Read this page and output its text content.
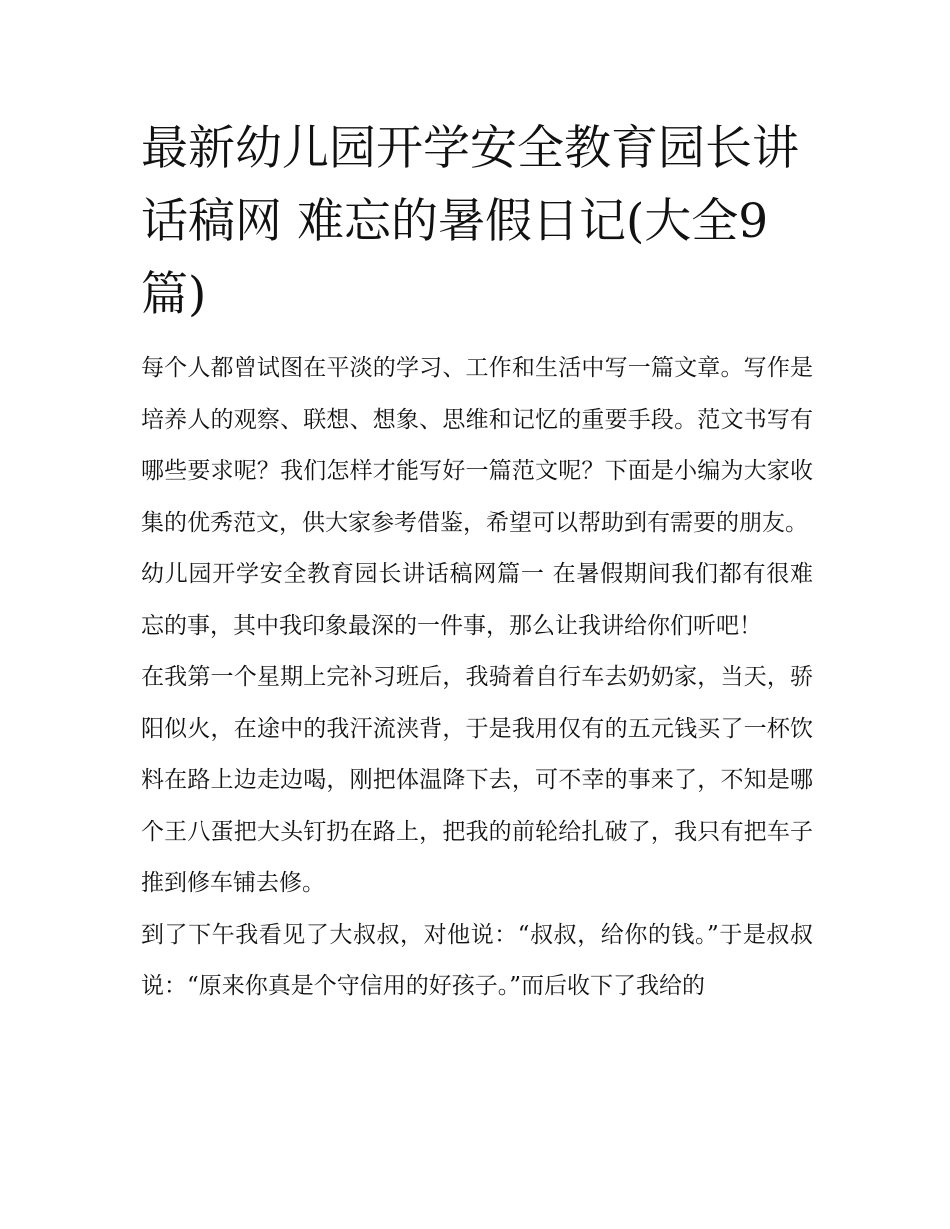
最新幼儿园开学安全教育园长讲话稿网 难忘的暑假日记(大全9篇)

每个人都曾试图在平淡的学习、工作和生活中写一篇文章。写作是培养人的观察、联想、想象、思维和记忆的重要手段。范文书写有哪些要求呢？我们怎样才能写好一篇范文呢？下面是小编为大家收集的优秀范文，供大家参考借鉴，希望可以帮助到有需要的朋友。

幼儿园开学安全教育园长讲话稿网篇一 在暑假期间我们都有很难忘的事，其中我印象最深的一件事，那么让我讲给你们听吧！

在我第一个星期上完补习班后，我骑着自行车去奶奶家，当天，骄阳似火，在途中的我汗流浃背，于是我用仅有的五元钱买了一杯饮料在路上边走边喝，刚把体温降下去，可不幸的事来了，不知是哪个王八蛋把大头钉扔在路上，把我的前轮给扎破了，我只有把车子推到修车铺去修。

到了下午我看见了大叔叔，对他说：“叔叔，给你的钱。”于是叔叔说：“原来你真是个守信用的好孩子。”而后收下了我给的
